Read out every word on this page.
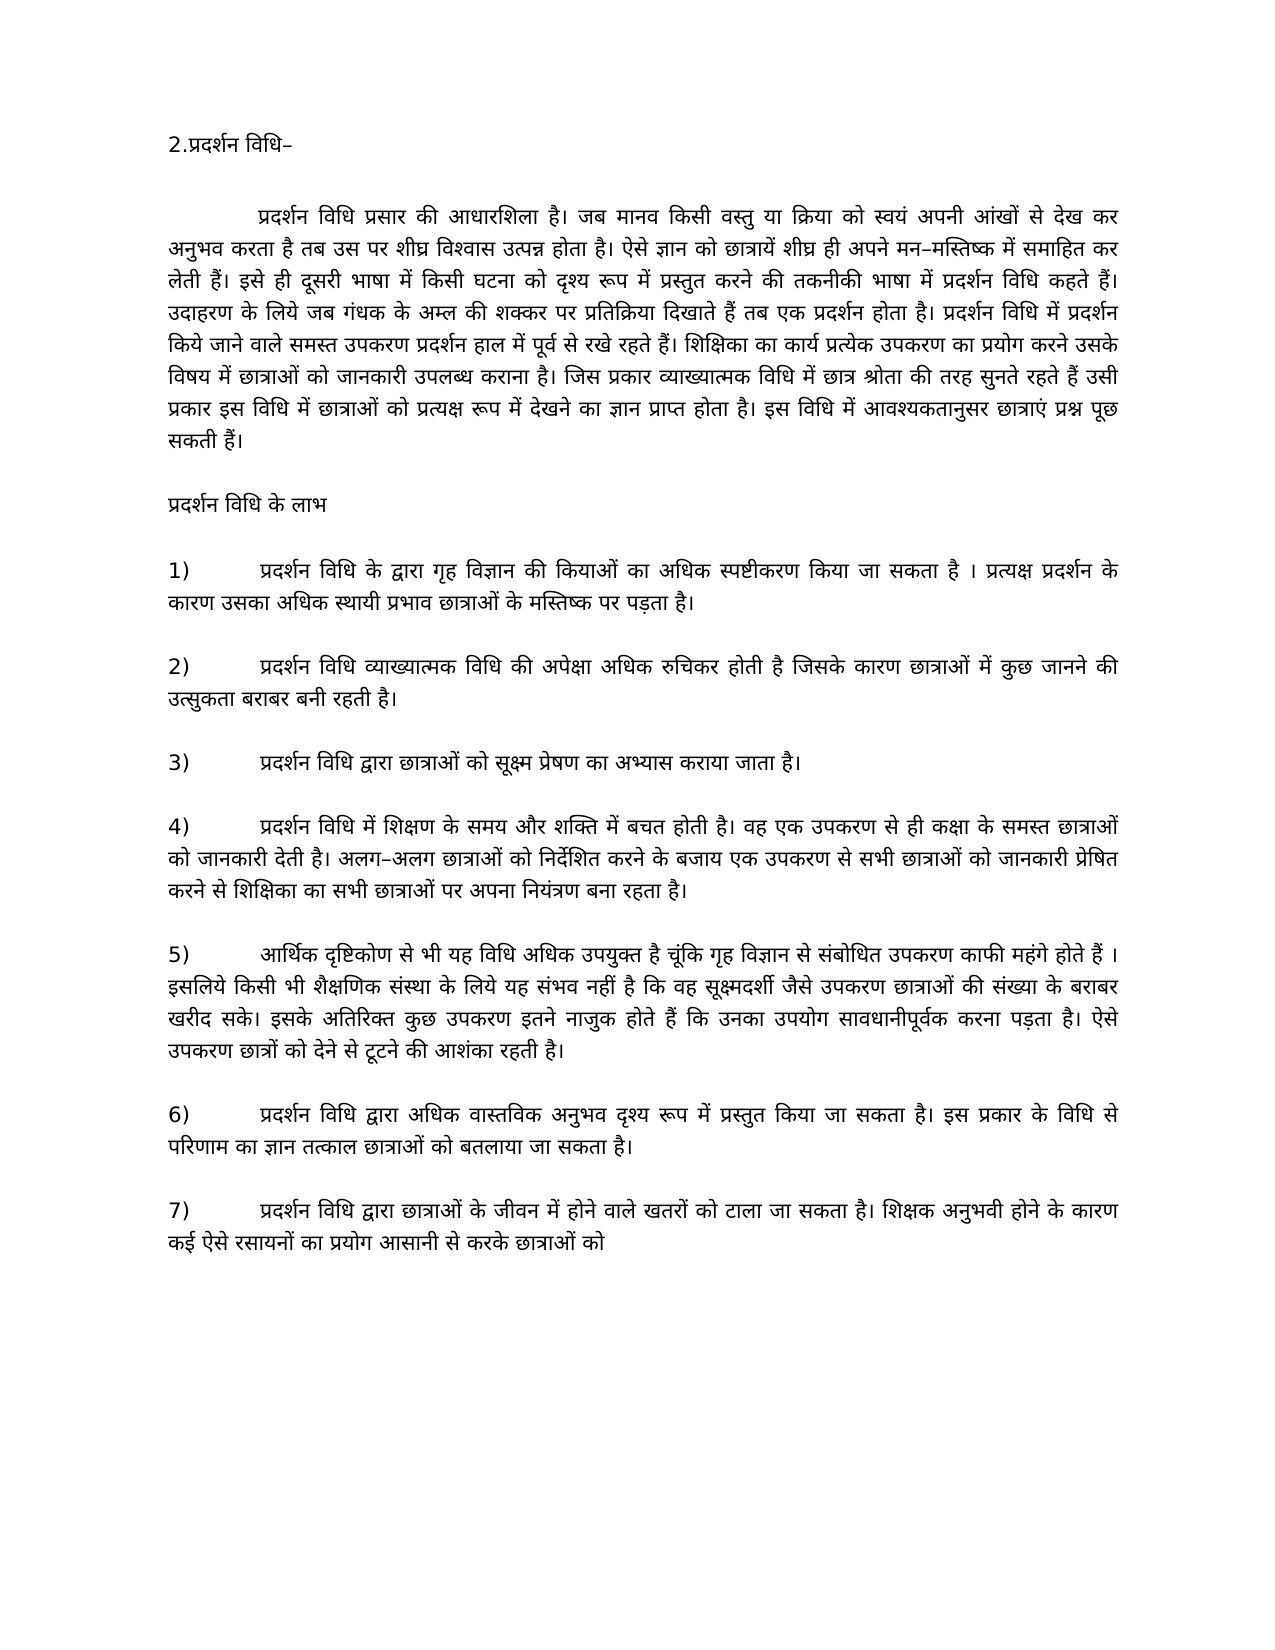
2.प्रदर्शन विधि–

प्रदर्शन विधि प्रसार की आधारशिला है। जब मानव किसी वस्तु या क्रिया को स्वयं अपनी आंखों से देख कर अनुभव करता है तब उस पर शीघ्र विश्वास उत्पन्न होता है। ऐसे ज्ञान को छात्रायें शीघ्र ही अपने मन–मस्तिष्क में समाहित कर लेती हैं। इसे ही दूसरी भाषा में किसी घटना को दृश्य रूप में प्रस्तुत करने की तकनीकी भाषा में प्रदर्शन विधि कहते हैं। उदाहरण के लिये जब गंधक के अम्ल की शक्कर पर प्रतिक्रिया दिखाते हैं तब एक प्रदर्शन होता है। प्रदर्शन विधि में प्रदर्शन किये जाने वाले समस्त उपकरण प्रदर्शन हाल में पूर्व से रखे रहते हैं। शिक्षिका का कार्य प्रत्येक उपकरण का प्रयोग करने उसके विषय में छात्राओं को जानकारी उपलब्ध कराना है। जिस प्रकार व्याख्यात्मक विधि में छात्र श्रोता की तरह सुनते रहते हैं उसी प्रकार इस विधि में छात्राओं को प्रत्यक्ष रूप में देखने का ज्ञान प्राप्त होता है। इस विधि में आवश्यकतानुसर छात्राएं प्रश्न पूछ सकती हैं।

प्रदर्शन विधि के लाभ

1)	प्रदर्शन विधि के द्वारा गृह विज्ञान की कियाओं का अधिक स्पष्टीकरण किया जा सकता है । प्रत्यक्ष प्रदर्शन के कारण उसका अधिक स्थायी प्रभाव छात्राओं के मस्तिष्क पर पड़ता है।

2)	प्रदर्शन विधि व्याख्यात्मक विधि की अपेक्षा अधिक रुचिकर होती है जिसके कारण छात्राओं में कुछ जानने की उत्सुकता बराबर बनी रहती है।

3)	प्रदर्शन विधि द्वारा छात्राओं को सूक्ष्म प्रेषण का अभ्यास कराया जाता है।

4)	प्रदर्शन विधि में शिक्षण के समय और शक्ति में बचत होती है। वह एक उपकरण से ही कक्षा के समस्त छात्राओं को जानकारी देती है। अलग–अलग छात्राओं को निर्देशित करने के बजाय एक उपकरण से सभी छात्राओं को जानकारी प्रेषित करने से शिक्षिका का सभी छात्राओं पर अपना नियंत्रण बना रहता है।

5)	आर्थिक दृष्टिकोण से भी यह विधि अधिक उपयुक्त है चूंकि गृह विज्ञान से संबोधित उपकरण काफी महंगे होते हैं ।इसलिये किसी भी शैक्षणिक संस्था के लिये यह संभव नहीं है कि वह सूक्ष्मदर्शी जैसे उपकरण छात्राओं की संख्या के बराबर खरीद सके। इसके अतिरिक्त कुछ उपकरण इतने नाजुक होते हैं कि उनका उपयोग सावधानीपूर्वक करना पड़ता है। ऐसे उपकरण छात्रों को देने से टूटने की आशंका रहती है।

6)	प्रदर्शन विधि द्वारा अधिक वास्तविक अनुभव दृश्य रूप में प्रस्तुत किया जा सकता है। इस प्रकार के विधि से परिणाम का ज्ञान तत्काल छात्राओं को बतलाया जा सकता है।

7)	प्रदर्शन विधि द्वारा छात्राओं के जीवन में होने वाले खतरों को टाला जा सकता है। शिक्षक अनुभवी होने के कारण कई ऐसे रसायनों का प्रयोग आसानी से करके छात्राओं को
